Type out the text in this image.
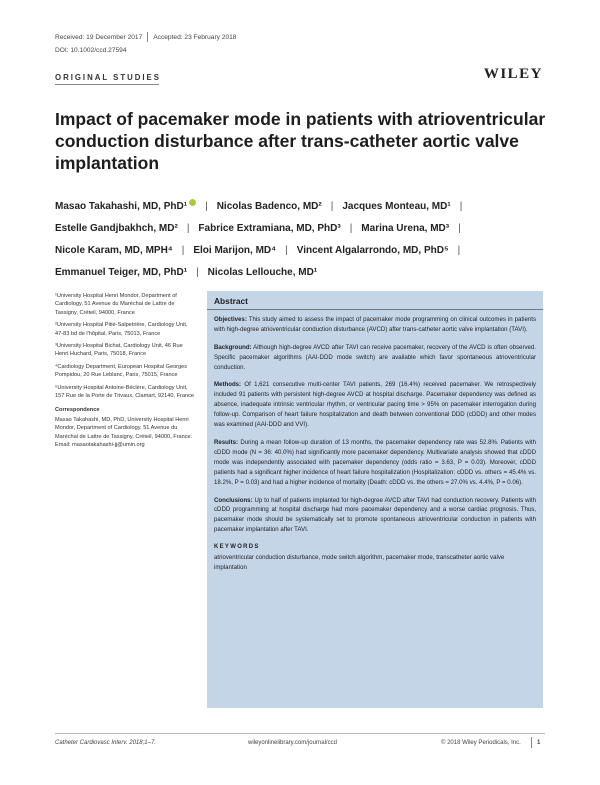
Received: 19 December 2017 Accepted: 23 February 2018
DOI: 10.1002/ccd.27594
ORIGINAL STUDIES	WILEY
Impact of pacemaker mode in patients with atrioventricular conduction disturbance after trans-catheter aortic valve implantation
Masao Takahashi, MD, PhD¹ | Nicolas Badenco, MD² | Jacques Monteau, MD¹ |
Estelle Gandjbakhch, MD² | Fabrice Extramiana, MD, PhD³ | Marina Urena, MD³ |
Nicole Karam, MD, MPH⁴ | Eloi Marijon, MD⁴ | Vincent Algalarrondo, MD, PhD⁵ |
Emmanuel Teiger, MD, PhD¹ | Nicolas Lellouche, MD¹

¹University Hospital Henri Mondor, Department of Cardiology, 51 Avenue du Maréchal de Lattre de Tassigny, Créteil, 94000, France

²University Hospital Pitié-Salpetrière, Cardiology Unit, 47-83 bd de l'hôpital, Paris, 75013, France

³University Hospital Bichat, Cardiology Unit, 46 Rue Henri Huchard, Paris, 75018, France

⁴Cardiology Department, European Hospital Georges Pompidou, 20 Rue Leblanc, Paris, 75015, France

⁵University Hospital Antoine-Béclère, Cardiology Unit, 157 Rue de la Porte de Trivaux, Clamart, 92140, France

Correspondence

Masao Takahashi, MD, PhD, University Hospital Henri Mondor, Department of Cardiology, 51 Avenue du Maréchal de Lattre de Tassigny, Créteil, 94000, France. Email: masaotakahashi-jj@umin.org

Abstract

Objectives: This study aimed to assess the impact of pacemaker mode programming on clinical outcomes in patients with high-degree atrioventricular conduction disturbance (AVCD) after trans-catheter aortic valve implantation (TAVI).

Background: Although high-degree AVCD after TAVI can receive pacemaker, recovery of the AVCD is often observed. Specific pacemaker algorithms (AAI-DDD mode switch) are available which favor spontaneous atrioventricular conduction.

Methods: Of 1,621 consecutive multi-center TAVI patients, 269 (16.4%) received pacemaker. We retrospectively included 91 patients with persistent high-degree AVCD at hospital discharge. Pacemaker dependency was defined as absence, inadequate intrinsic ventricular rhythm, or ventricular pacing time > 95% on pacemaker interrogation during follow-up. Comparison of heart failure hospitalization and death between conventional DDD (cDDD) and other modes was examined (AAI-DDD and VVI).

Results: During a mean follow-up duration of 13 months, the pacemaker dependency rate was 52.8%. Patients with cDDD mode (N = 36: 40.0%) had significantly more pacemaker dependency. Multivariate analysis showed that cDDD mode was independently associated with pacemaker dependency (odds ratio = 3.63, P = 0.03). Moreover, cDDD patients had a significant higher incidence of heart failure hospitalization (Hospitalization: cDDD vs. others = 45.4% vs. 18.2%, P = 0.03) and had a higher incidence of mortality (Death: cDDD vs. the others = 27.0% vs. 4.4%, P = 0.06).

Conclusions: Up to half of patients implanted for high-degree AVCD after TAVI had conduction recovery. Patients with cDDD programming at hospital discharge had more pacemaker dependency and a worse cardiac prognosis. Thus, pacemaker mode should be systematically set to promote spontaneous atrioventricular conduction in patients with pacemaker implantation after TAVI.

KEYWORDS
atrioventricular conduction disturbance, mode switch algorithm, pacemaker mode, transcatheter aortic valve implantation
Catheter Cardiovasc Interv. 2018;1–7.	wileyonlinelibrary.com/journal/ccd	© 2018 Wiley Periodicals, Inc.	1
